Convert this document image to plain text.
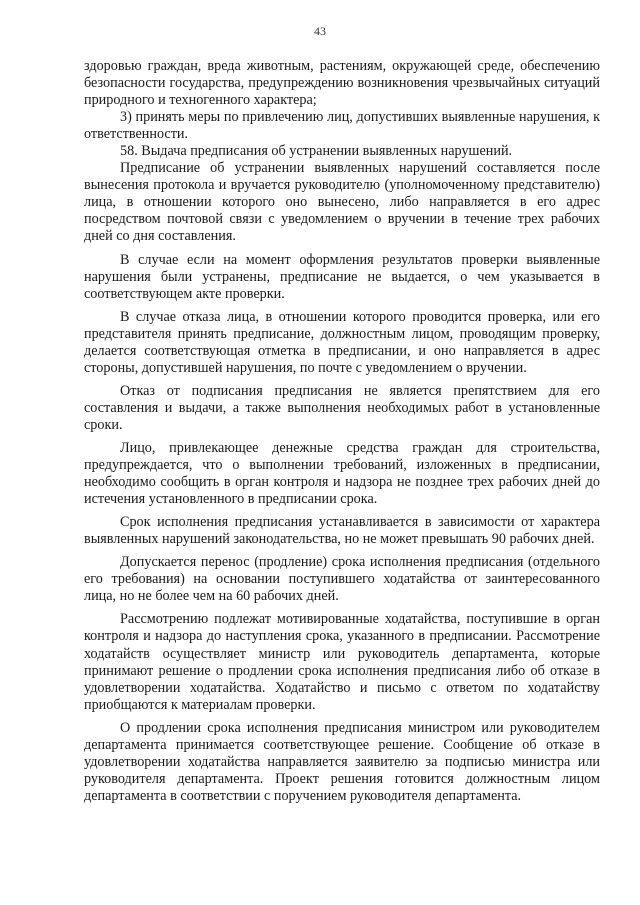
43

здоровью граждан, вреда животным, растениям, окружающей среде, обеспечению безопасности государства, предупреждению возникновения чрезвычайных ситуаций природного и техногенного характера;

3) принять меры по привлечению лиц, допустивших выявленные нарушения, к ответственности.

58. Выдача предписания об устранении выявленных нарушений.

Предписание об устранении выявленных нарушений составляется после вынесения протокола и вручается руководителю (уполномоченному представителю) лица, в отношении которого оно вынесено, либо направляется в его адрес посредством почтовой связи с уведомлением о вручении в течение трех рабочих дней со дня составления.

В случае если на момент оформления результатов проверки выявленные нарушения были устранены, предписание не выдается, о чем указывается в соответствующем акте проверки.

В случае отказа лица, в отношении которого проводится проверка, или его представителя принять предписание, должностным лицом, проводящим проверку, делается соответствующая отметка в предписании, и оно направляется в адрес стороны, допустившей нарушения, по почте с уведомлением о вручении.

Отказ от подписания предписания не является препятствием для его составления и выдачи, а также выполнения необходимых работ в установленные сроки.

Лицо, привлекающее денежные средства граждан для строительства, предупреждается, что о выполнении требований, изложенных в предписании, необходимо сообщить в орган контроля и надзора не позднее трех рабочих дней до истечения установленного в предписании срока.

Срок исполнения предписания устанавливается в зависимости от характера выявленных нарушений законодательства, но не может превышать 90 рабочих дней.

Допускается перенос (продление) срока исполнения предписания (отдельного его требования) на основании поступившего ходатайства от заинтересованного лица, но не более чем на 60 рабочих дней.

Рассмотрению подлежат мотивированные ходатайства, поступившие в орган контроля и надзора до наступления срока, указанного в предписании. Рассмотрение ходатайств осуществляет министр или руководитель департамента, которые принимают решение о продлении срока исполнения предписания либо об отказе в удовлетворении ходатайства. Ходатайство и письмо с ответом по ходатайству приобщаются к материалам проверки.

О продлении срока исполнения предписания министром или руководителем департамента принимается соответствующее решение. Сообщение об отказе в удовлетворении ходатайства направляется заявителю за подписью министра или руководителя департамента. Проект решения готовится должностным лицом департамента в соответствии с поручением руководителя департамента.
